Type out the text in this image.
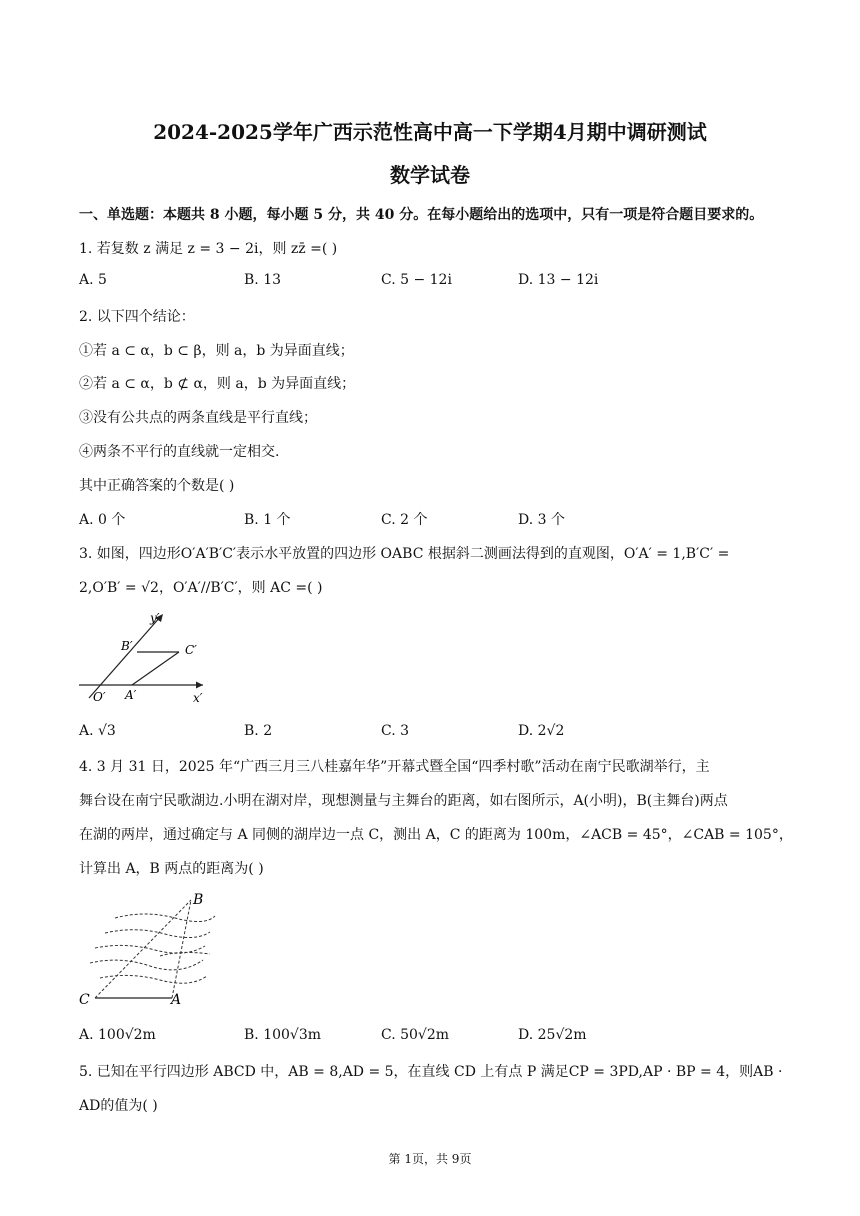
2024-2025学年广西示范性高中高一下学期4月期中调研测试
数学试卷
一、单选题：本题共 8 小题，每小题 5 分，共 40 分。在每小题给出的选项中，只有一项是符合题目要求的。
1. 若复数 z 满足 z = 3 − 2i，则 zz̄ =( )
A. 5	B. 13	C. 5 − 12i	D. 13 − 12i
2. 以下四个结论：
①若 a ⊂ α，b ⊂ β，则 a，b 为异面直线；
②若 a ⊂ α，b ⊄ α，则 a，b 为异面直线；
③没有公共点的两条直线是平行直线；
④两条不平行的直线就一定相交.
其中正确答案的个数是( )
A. 0 个	B. 1 个	C. 2 个	D. 3 个
3. 如图，四边形O′A′B′C′表示水平放置的四边形 OABC 根据斜二测画法得到的直观图，O′A′ = 1,B′C′ =
2,O′B′ = √2，O′A′//B′C′，则 AC =( )
y′
B′	C′
A′
O′	x′
A. √3	B. 2	C. 3	D. 2√2
4. 3 月 31 日，2025 年“广西三月三八桂嘉年华”开幕式暨全国“四季村歌”活动在南宁民歌湖举行，主
舞台设在南宁民歌湖边.小明在湖对岸，现想测量与主舞台的距离，如右图所示，A(小明)，B(主舞台)两点
在湖的两岸，通过确定与 A 同侧的湖岸边一点 C，测出 A，C 的距离为 100m，∠ACB = 45°，∠CAB = 105°，
计算出 A，B 两点的距离为( )
B
C	A
A. 100√2m	B. 100√3m	C. 50√2m	D. 25√2m
5. 已知在平行四边形 ABCD 中，AB = 8,AD = 5，在直线 CD 上有点 P 满足CP = 3PD,AP · BP = 4，则AB ·
AD的值为( )
第 1页，共 9页
